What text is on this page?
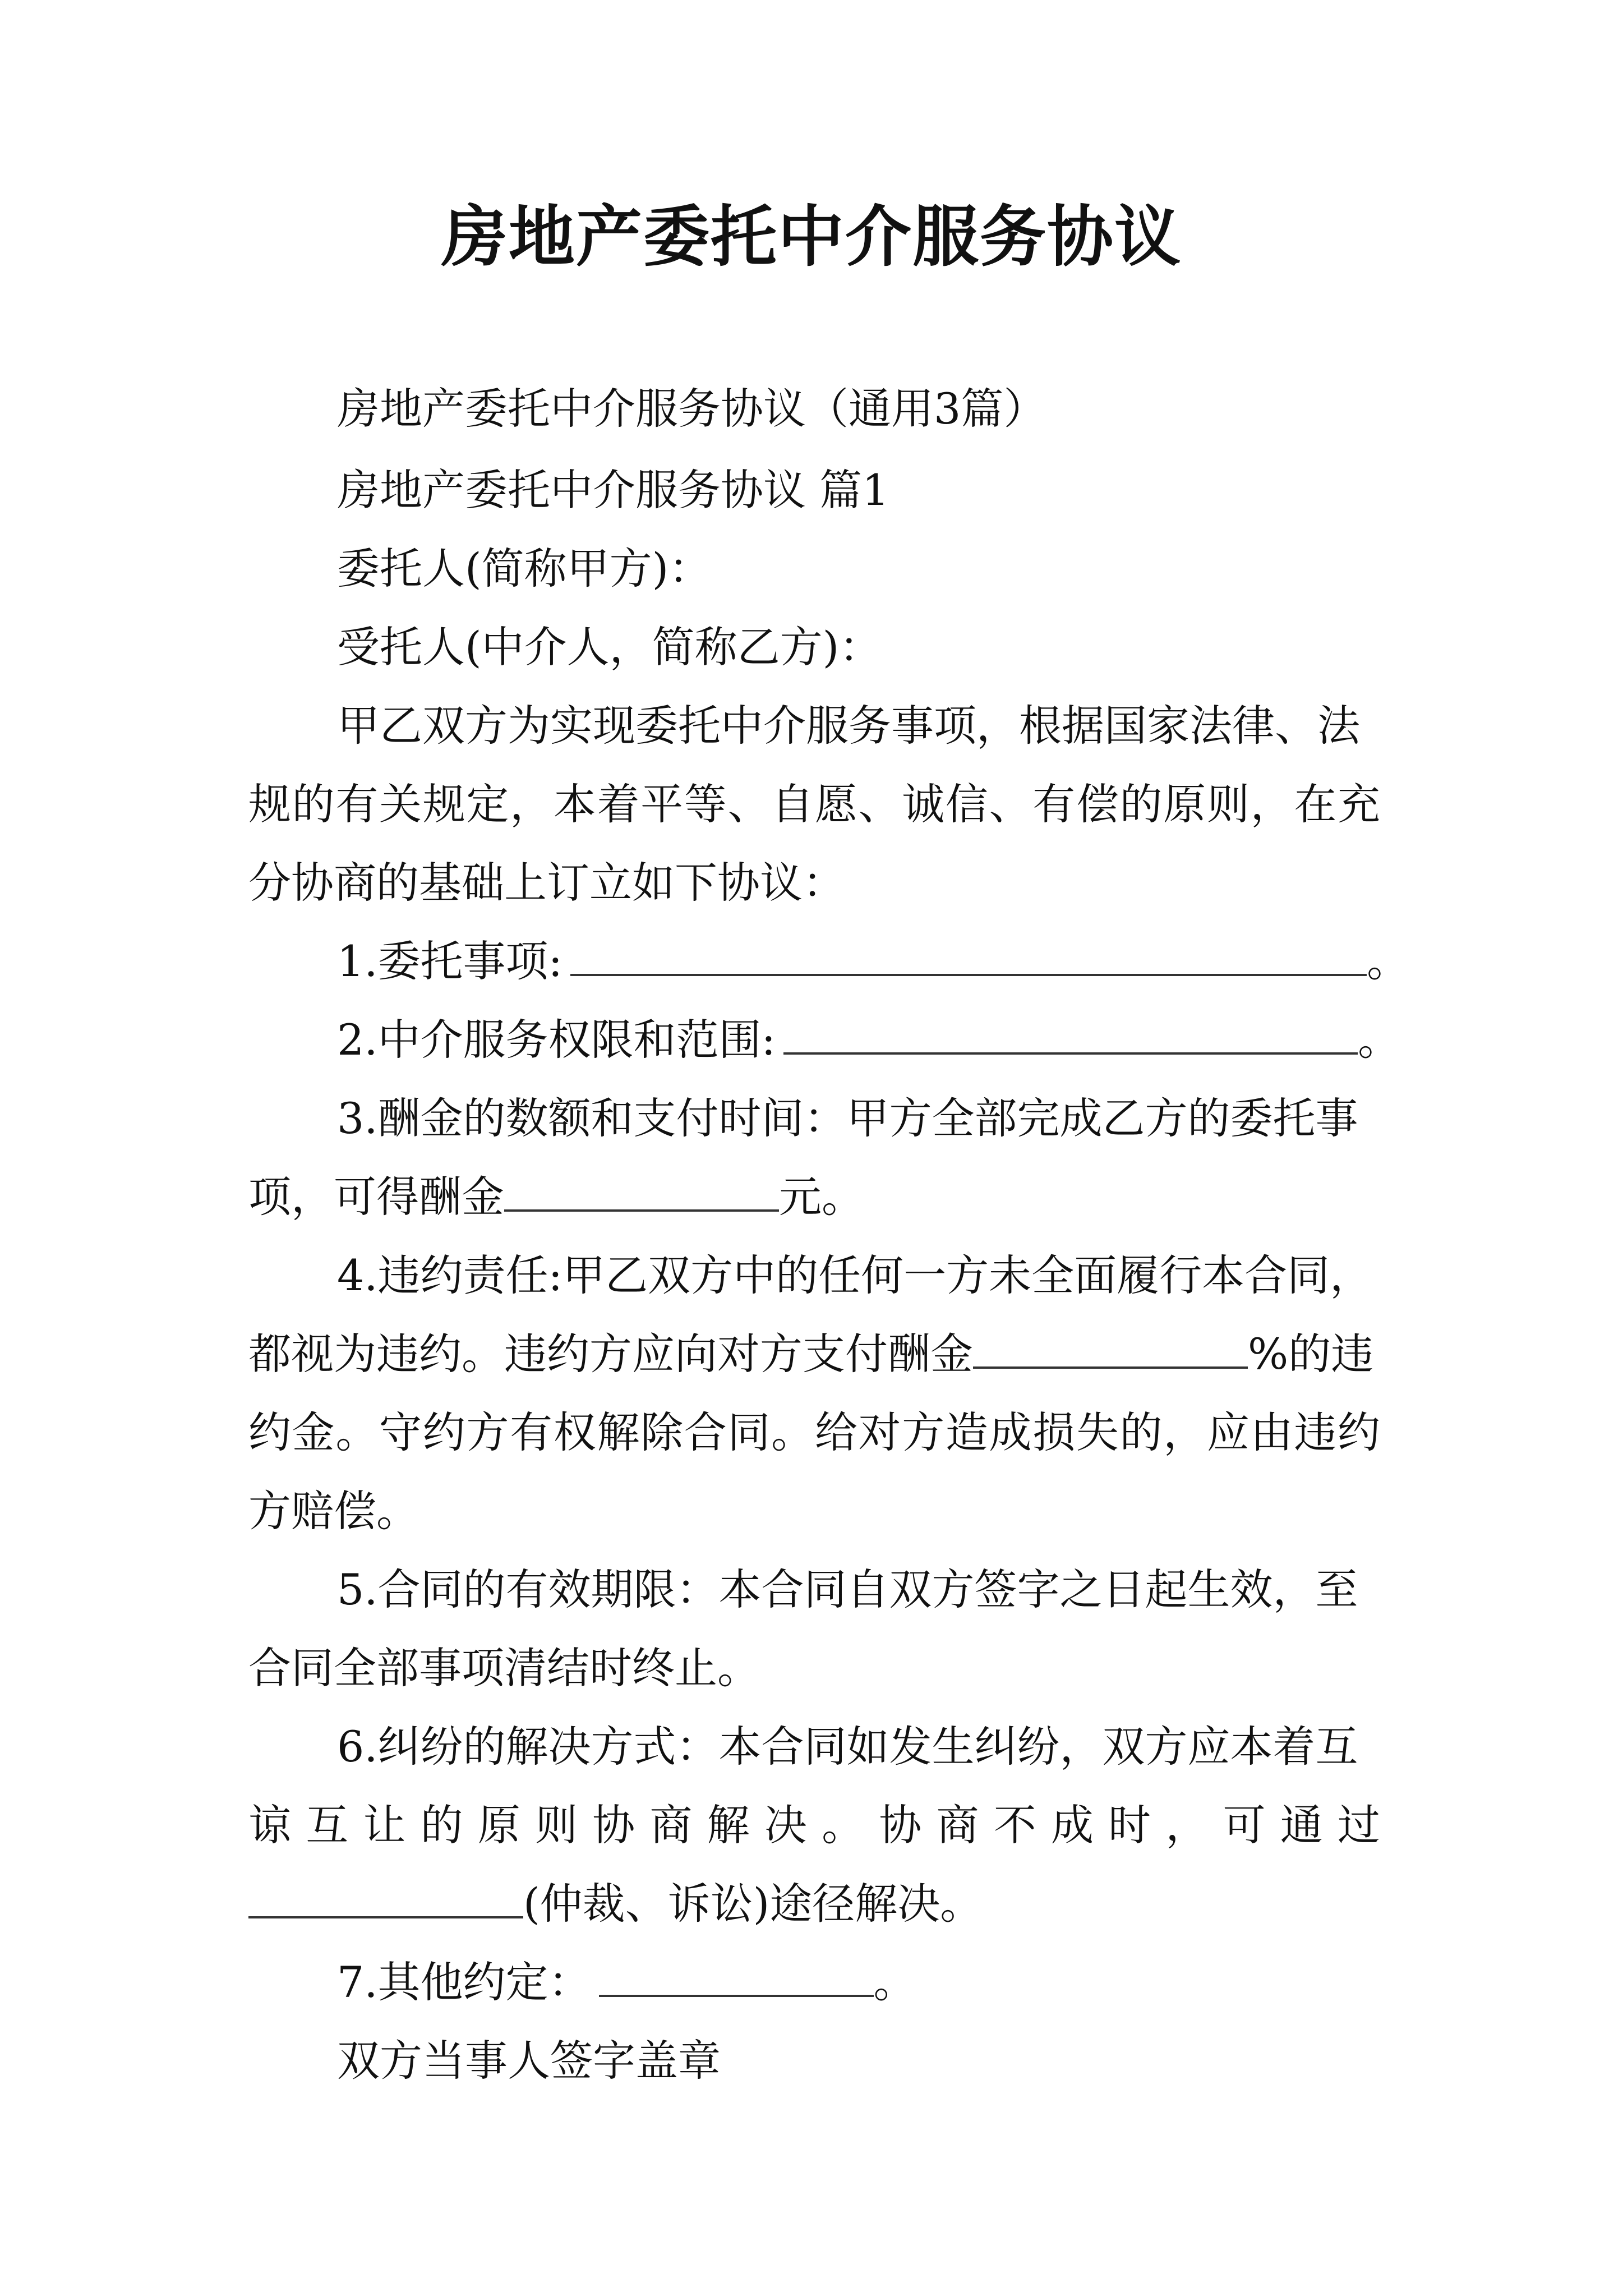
房地产委托中介服务协议
房地产委托中介服务协议（通用3篇）
房地产委托中介服务协议 篇1
委托人(简称甲方)：
受托人(中介人，简称乙方)：
甲乙双方为实现委托中介服务事项，根据国家法律、法
规的有关规定，本着平等、自愿、诚信、有偿的原则，在充
分协商的基础上订立如下协议：
1.委托事项:	。
2.中介服务权限和范围:	。
3.酬金的数额和支付时间：甲方全部完成乙方的委托事
项，可得酬金	元。
4.违约责任:甲乙双方中的任何一方未全面履行本合同，
都视为违约。违约方应向对方支付酬金	%的违
约金。守约方有权解除合同。给对方造成损失的，应由违约
方赔偿。
5.合同的有效期限：本合同自双方签字之日起生效，至
合同全部事项清结时终止。
6.纠纷的解决方式：本合同如发生纠纷，双方应本着互
谅互让的原则协商解决。协商不成时，可通过
(仲裁、诉讼)途径解决。
7.其他约定：	。
双方当事人签字盖章
